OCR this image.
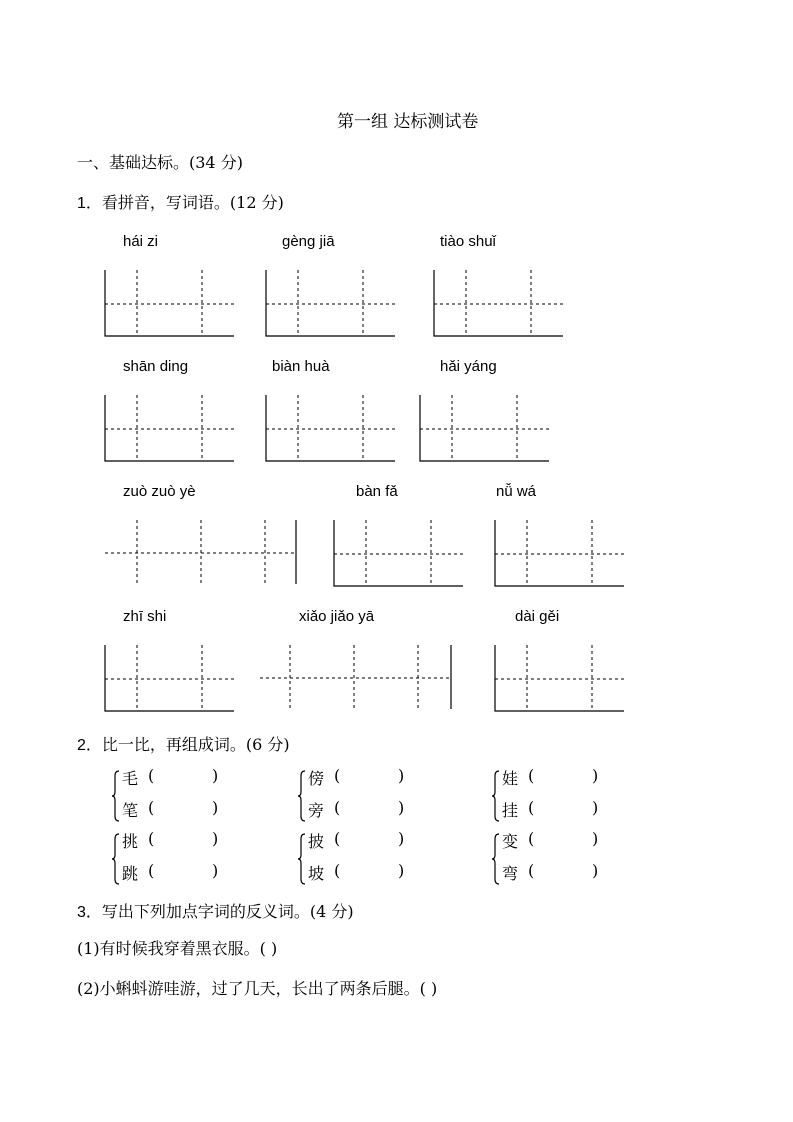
第一组 达标测试卷
一、基础达标。(34 分)
1．看拼音，写词语。(12 分)
hái zi	gèng jiā	tiào shuǐ
shān ding	biàn huà	hǎi yáng
zuò zuò yè	bàn fǎ	nǚ wá
zhī shi	xiǎo jiǎo yā	dài gěi
2．比一比，再组成词。(6 分)
毛 (	)
笔 (	)
傍 (	)
旁 (	)
娃 (	)
挂 (	)
挑 (	)
跳 (	)
披 (	)
坡 (	)
变 (	)
弯 (	)
3．写出下列加点字词的反义词。(4 分)
(1)有时候我穿着黑衣服。( )
(2)小蝌蚪游哇游，过了几天，长出了两条后腿。( )
